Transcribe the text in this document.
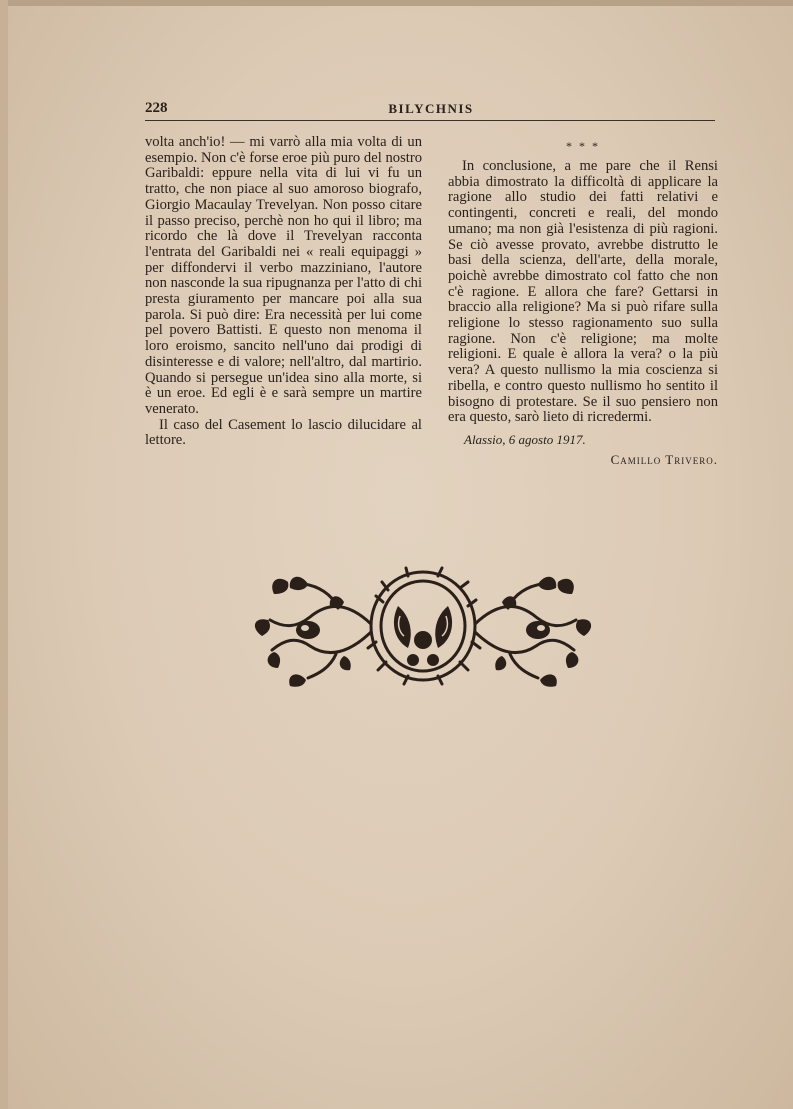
228	BILYCHNIS

volta anch'io! — mi varrò alla mia volta di un esempio. Non c'è forse eroe più puro del nostro Garibaldi: eppure nella vita di lui vi fu un tratto, che non piace al suo amoroso biografo, Giorgio Macaulay Trevelyan. Non posso citare il passo preciso, perchè non ho qui il libro; ma ricordo che là dove il Trevelyan racconta l'entrata del Garibaldi nei « reali equipaggi » per diffondervi il verbo mazziniano, l'autore non nasconde la sua ripugnanza per l'atto di chi presta giuramento per mancare poi alla sua parola. Si può dire: Era necessità per lui come pel povero Battisti. E questo non menoma il loro eroismo, sancito nell'uno dai prodigi di disinteresse e di valore; nell'altro, dal martirio. Quando si persegue un'idea sino alla morte, si è un eroe. Ed egli è e sarà sempre un martire venerato.

Il caso del Casement lo lascio dilucidare al lettore.

* * *

In conclusione, a me pare che il Rensi abbia dimostrato la difficoltà di applicare la ragione allo studio dei fatti relativi e contingenti, concreti e reali, del mondo umano; ma non già l'esistenza di più ragioni. Se ciò avesse provato, avrebbe distrutto le basi della scienza, dell'arte, della morale, poichè avrebbe dimostrato col fatto che non c'è ragione. E allora che fare? Gettarsi in braccio alla religione? Ma si può rifare sulla religione lo stesso ragionamento suo sulla ragione. Non c'è religione; ma molte religioni. E quale è allora la vera? o la più vera? A questo nullismo la mia coscienza si ribella, e contro questo nullismo ho sentito il bisogno di protestare. Se il suo pensiero non era questo, sarò lieto di ricredermi.

Alassio, 6 agosto 1917.
Camillo Trivero.
